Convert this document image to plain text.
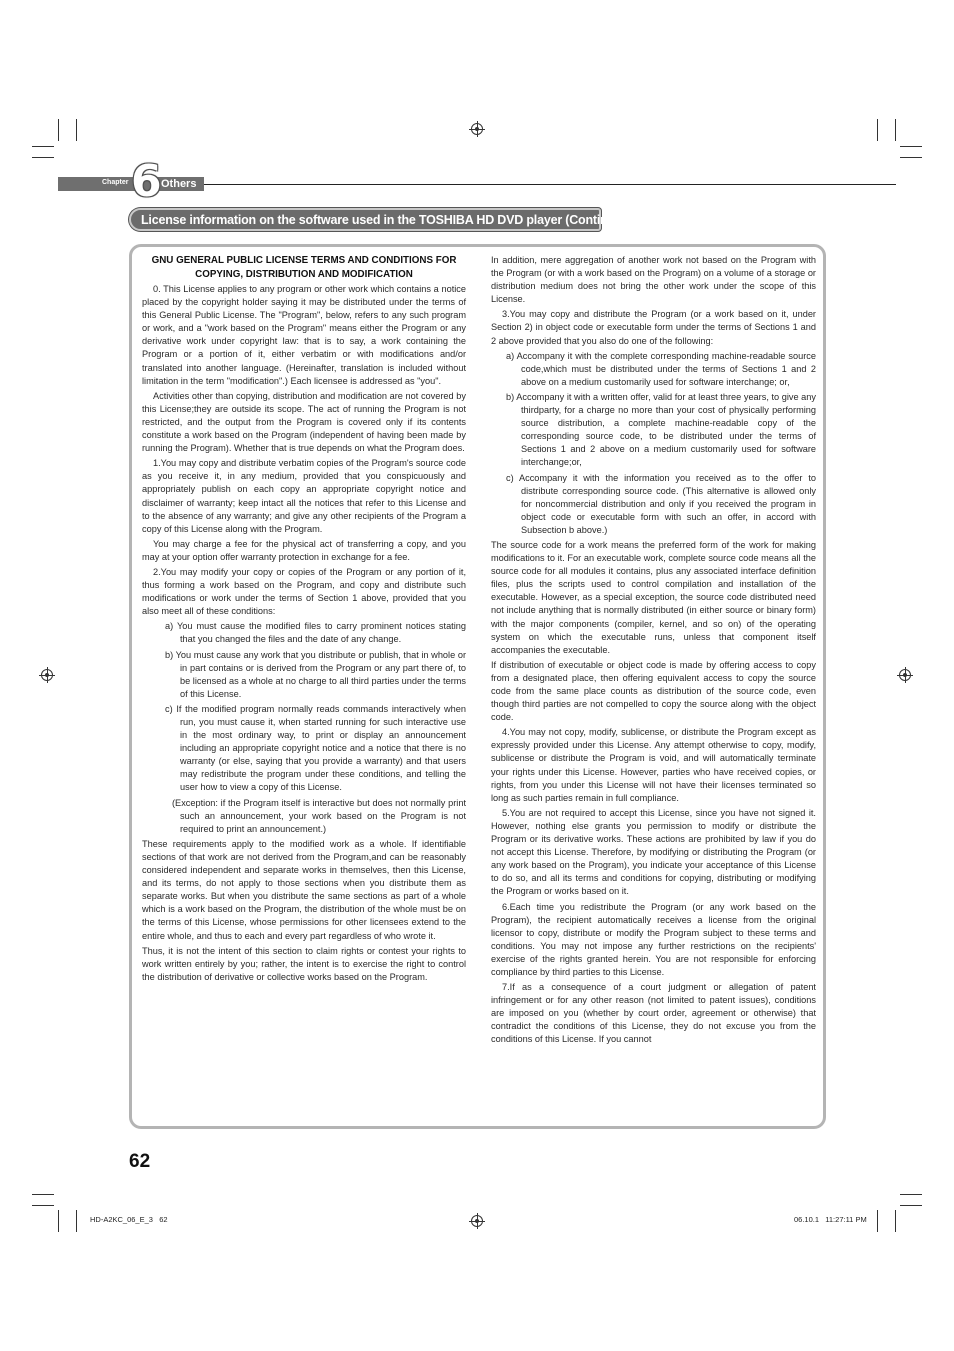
Chapter 6 Others
License information on the software used in the TOSHIBA HD DVD player (Continued)

GNU GENERAL PUBLIC LICENSE TERMS AND CONDITIONS FOR COPYING, DISTRIBUTION AND MODIFICATION

0. This License applies to any program or other work which contains a notice placed by the copyright holder saying it may be distributed under the terms of this General Public License. The "Program", below, refers to any such program or work, and a "work based on the Program" means either the Program or any derivative work under copyright law: that is to say, a work containing the Program or a portion of it, either verbatim or with modifications and/or translated into another language. (Hereinafter, translation is included without limitation in the term "modification".) Each licensee is addressed as "you".

Activities other than copying, distribution and modification are not covered by this License;they are outside its scope. The act of running the Program is not restricted, and the output from the Program is covered only if its contents constitute a work based on the Program (independent of having been made by running the Program). Whether that is true depends on what the Program does.

1.You may copy and distribute verbatim copies of the Program's source code as you receive it, in any medium, provided that you conspicuously and appropriately publish on each copy an appropriate copyright notice and disclaimer of warranty; keep intact all the notices that refer to this License and to the absence of any warranty; and give any other recipients of the Program a copy of this License along with the Program.

You may charge a fee for the physical act of transferring a copy, and you may at your option offer warranty protection in exchange for a fee.

2.You may modify your copy or copies of the Program or any portion of it, thus forming a work based on the Program, and copy and distribute such modifications or work under the terms of Section 1 above, provided that you also meet all of these conditions:

a) You must cause the modified files to carry prominent notices stating that you changed the files and the date of any change.

b) You must cause any work that you distribute or publish, that in whole or in part contains or is derived from the Program or any part there of, to be licensed as a whole at no charge to all third parties under the terms of this License.

c) If the modified program normally reads commands interactively when run, you must cause it, when started running for such interactive use in the most ordinary way, to print or display an announcement including an appropriate copyright notice and a notice that there is no warranty (or else, saying that you provide a warranty) and that users may redistribute the program under these conditions, and telling the user how to view a copy of this License.

(Exception: if the Program itself is interactive but does not normally print such an announcement, your work based on the Program is not required to print an announcement.)

These requirements apply to the modified work as a whole. If identifiable sections of that work are not derived from the Program,and can be reasonably considered independent and separate works in themselves, then this License, and its terms, do not apply to those sections when you distribute them as separate works. But when you distribute the same sections as part of a whole which is a work based on the Program, the distribution of the whole must be on the terms of this License, whose permissions for other licensees extend to the entire whole, and thus to each and every part regardless of who wrote it.

Thus, it is not the intent of this section to claim rights or contest your rights to work written entirely by you; rather, the intent is to exercise the right to control the distribution of derivative or collective works based on the Program.

In addition, mere aggregation of another work not based on the Program with the Program (or with a work based on the Program) on a volume of a storage or distribution medium does not bring the other work under the scope of this License.

3.You may copy and distribute the Program (or a work based on it, under Section 2) in object code or executable form under the terms of Sections 1 and 2 above provided that you also do one of the following:

a) Accompany it with the complete corresponding machine-readable source code,which must be distributed under the terms of Sections 1 and 2 above on a medium customarily used for software interchange; or,

b) Accompany it with a written offer, valid for at least three years, to give any thirdparty, for a charge no more than your cost of physically performing source distribution, a complete machine-readable copy of the corresponding source code, to be distributed under the terms of Sections 1 and 2 above on a medium customarily used for software interchange;or,

c) Accompany it with the information you received as to the offer to distribute corresponding source code. (This alternative is allowed only for noncommercial distribution and only if you received the program in object code or executable form with such an offer, in accord with Subsection b above.)

The source code for a work means the preferred form of the work for making modifications to it. For an executable work, complete source code means all the source code for all modules it contains, plus any associated interface definition files, plus the scripts used to control compilation and installation of the executable. However, as a special exception, the source code distributed need not include anything that is normally distributed (in either source or binary form) with the major components (compiler, kernel, and so on) of the operating system on which the executable runs, unless that component itself accompanies the executable.

If distribution of executable or object code is made by offering access to copy from a designated place, then offering equivalent access to copy the source code from the same place counts as distribution of the source code, even though third parties are not compelled to copy the source along with the object code.

4.You may not copy, modify, sublicense, or distribute the Program except as expressly provided under this License. Any attempt otherwise to copy, modify, sublicense or distribute the Program is void, and will automatically terminate your rights under this License. However, parties who have received copies, or rights, from you under this License will not have their licenses terminated so long as such parties remain in full compliance.

5.You are not required to accept this License, since you have not signed it. However, nothing else grants you permission to modify or distribute the Program or its derivative works. These actions are prohibited by law if you do not accept this License. Therefore, by modifying or distributing the Program (or any work based on the Program), you indicate your acceptance of this License to do so, and all its terms and conditions for copying, distributing or modifying the Program or works based on it.

6.Each time you redistribute the Program (or any work based on the Program), the recipient automatically receives a license from the original licensor to copy, distribute or modify the Program subject to these terms and conditions. You may not impose any further restrictions on the recipients' exercise of the rights granted herein. You are not responsible for enforcing compliance by third parties to this License.

7.If as a consequence of a court judgment or allegation of patent infringement or for any other reason (not limited to patent issues), conditions are imposed on you (whether by court order, agreement or otherwise) that contradict the conditions of this License, they do not excuse you from the conditions of this License. If you cannot

62
HD-A2KC_06_E_3   62	06.10.1   11:27:11 PM
